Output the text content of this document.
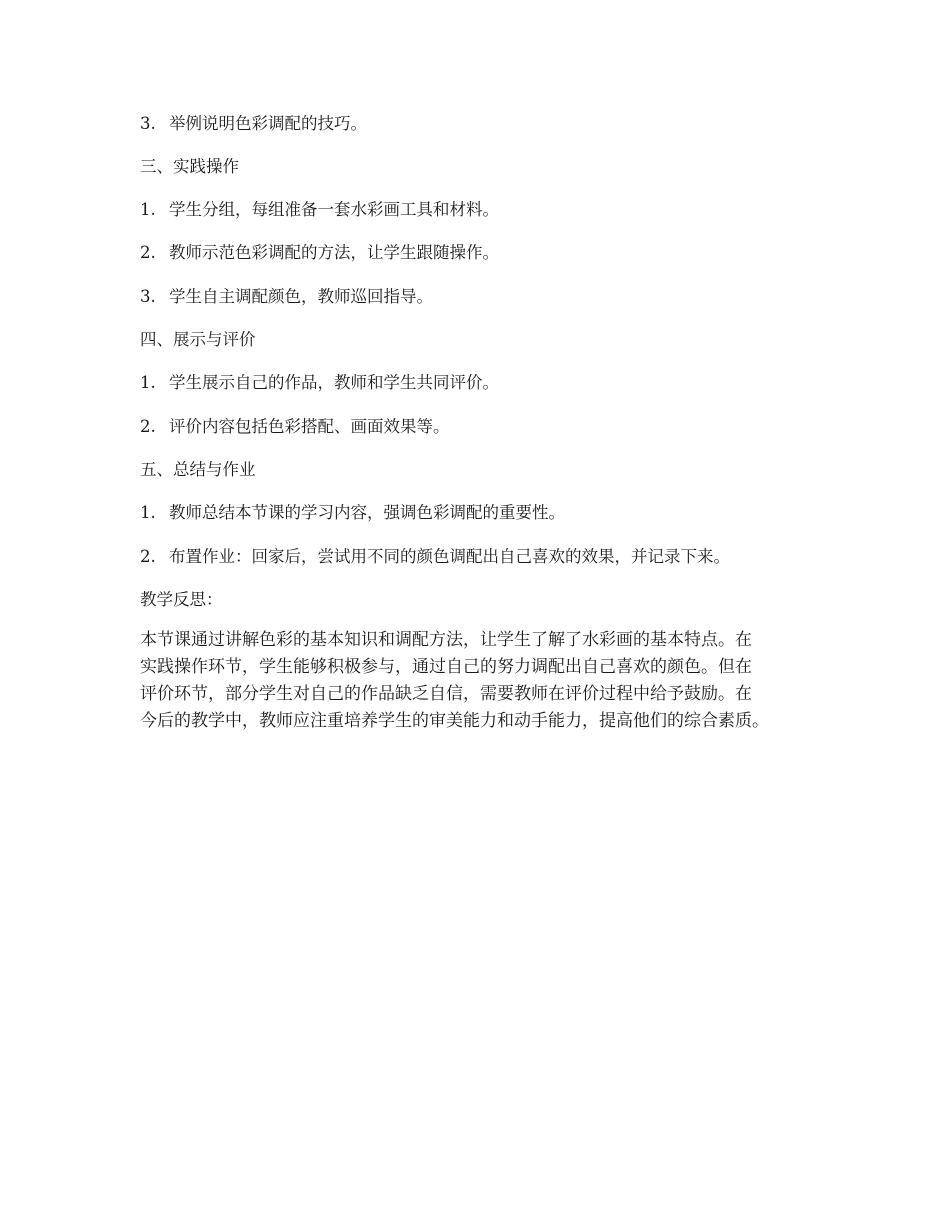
3. 举例说明色彩调配的技巧。
三、实践操作
1. 学生分组，每组准备一套水彩画工具和材料。
2. 教师示范色彩调配的方法，让学生跟随操作。
3. 学生自主调配颜色，教师巡回指导。
四、展示与评价
1. 学生展示自己的作品，教师和学生共同评价。
2. 评价内容包括色彩搭配、画面效果等。
五、总结与作业
1. 教师总结本节课的学习内容，强调色彩调配的重要性。
2. 布置作业：回家后，尝试用不同的颜色调配出自己喜欢的效果，并记录下来。
教学反思：
本节课通过讲解色彩的基本知识和调配方法，让学生了解了水彩画的基本特点。在
实践操作环节，学生能够积极参与，通过自己的努力调配出自己喜欢的颜色。但在
评价环节，部分学生对自己的作品缺乏自信，需要教师在评价过程中给予鼓励。在
今后的教学中，教师应注重培养学生的审美能力和动手能力，提高他们的综合素质。
